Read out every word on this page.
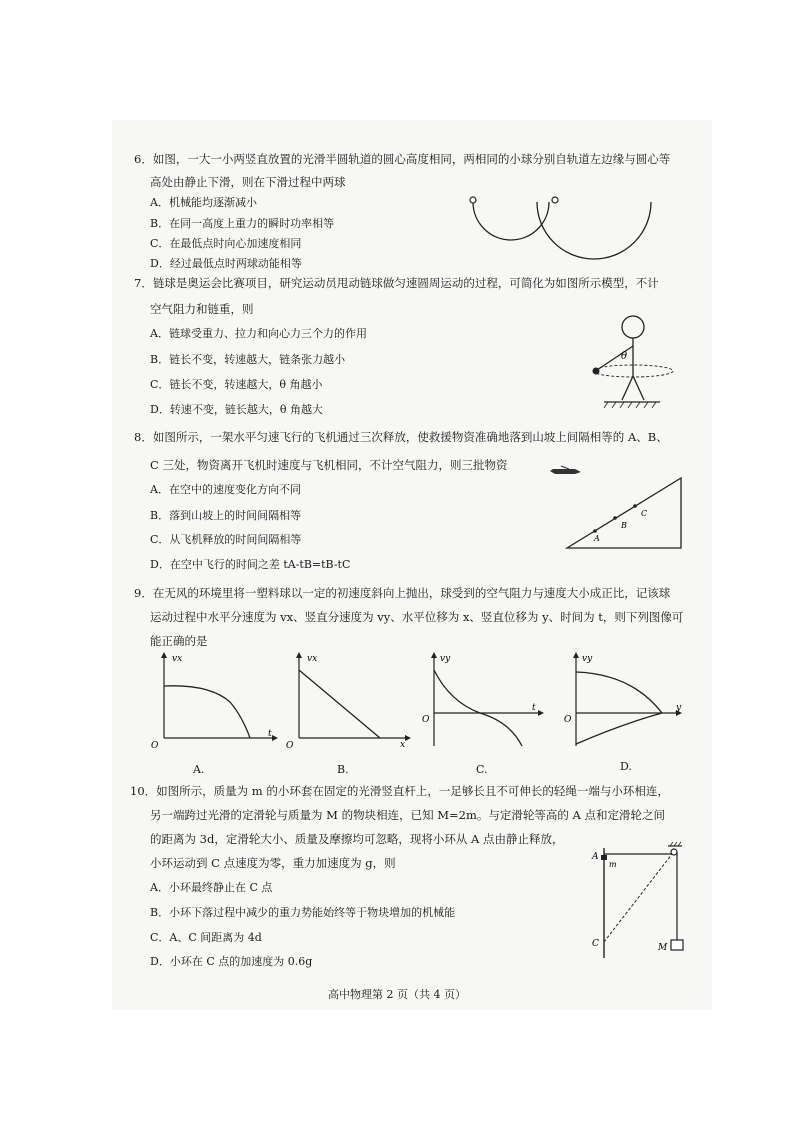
6．如图，一大一小两竖直放置的光滑半圆轨道的圆心高度相同，两相同的小球分别自轨道左边缘与圆心等
高处由静止下滑，则在下滑过程中两球
A．机械能均逐渐减小
B．在同一高度上重力的瞬时功率相等
C．在最低点时向心加速度相同
D．经过最低点时两球动能相等
7．链球是奥运会比赛项目，研究运动员甩动链球做匀速圆周运动的过程，可简化为如图所示模型，不计
空气阻力和链重，则
A．链球受重力、拉力和向心力三个力的作用
B．链长不变，转速越大，链条张力越小
C．链长不变，转速越大，θ 角越小
D．转速不变，链长越大，θ 角越大
θ
8．如图所示，一架水平匀速飞行的飞机通过三次释放，使救援物资准确地落到山坡上间隔相等的 A、B、
C 三处，物资离开飞机时速度与飞机相同，不计空气阻力，则三批物资
A．在空中的速度变化方向不同
B．落到山坡上的时间间隔相等
C．从飞机释放的时间间隔相等
D．在空中飞行的时间之差 tA-tB=tB-tC
A
B
C
9．在无风的环境里将一塑料球以一定的初速度斜向上抛出，球受到的空气阻力与速度大小成正比，记该球
运动过程中水平分速度为 vx、竖直分速度为 vy、水平位移为 x、竖直位移为 y、时间为 t，则下列图像可
能正确的是
vx
t
O
A.
vx
x
O
B.
vy
t
O
C.
vy
y
O
D.
10．如图所示，质量为 m 的小环套在固定的光滑竖直杆上，一足够长且不可伸长的轻绳一端与小环相连，
另一端跨过光滑的定滑轮与质量为 M 的物块相连，已知 M=2m。与定滑轮等高的 A 点和定滑轮之间
的距离为 3d，定滑轮大小、质量及摩擦均可忽略，现将小环从 A 点由静止释放，
小环运动到 C 点速度为零，重力加速度为 g，则
A．小环最终静止在 C 点
B．小环下落过程中减少的重力势能始终等于物块增加的机械能
C．A、C 间距离为 4d
D．小环在 C 点的加速度为 0.6g
A
m
C	M
高中物理第 2 页（共 4 页）
